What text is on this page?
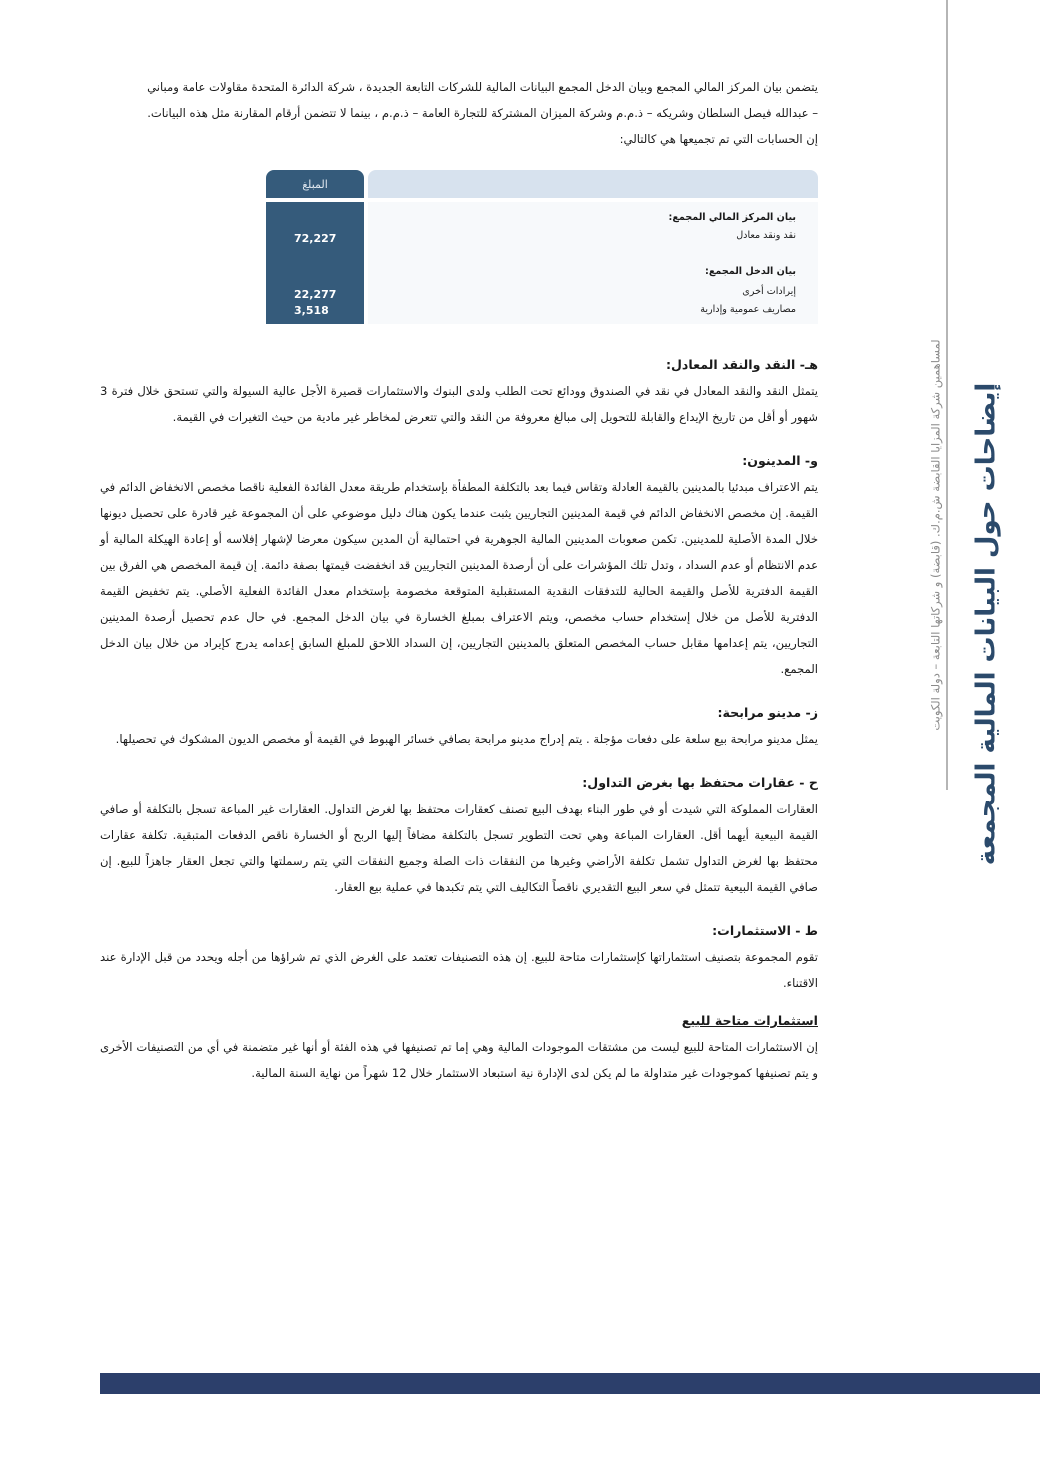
يتضمن بيان المركز المالي المجمع وبيان الدخل المجمع البيانات المالية للشركات التابعة الجديدة ، شركة الدائرة المتحدة مقاولات عامة ومباني

– عبدالله فيصل السلطان وشريكه – ذ.م.م وشركة الميزان المشتركة للتجارة العامة – ذ.م.م ، بينما لا تتضمن أرقام المقارنة مثل هذه البيانات.

إن الحسابات التي تم تجميعها هي كالتالي:

هـ- النقد والنقد المعادل:

يتمثل النقد والنقد المعادل في نقد في الصندوق وودائع تحت الطلب ولدى البنوك والاستثمارات قصيرة الأجل عالية السيولة والتي تستحق خلال فترة 3 شهور أو أقل من تاريخ الإيداع والقابلة للتحويل إلى مبالغ معروفة من النقد والتي تتعرض لمخاطر غير مادية من حيث التغيرات في القيمة.

و- المدينون:

يتم الاعتراف مبدئيا بالمدينين بالقيمة العادلة وتقاس فيما بعد بالتكلفة المطفأة بإستخدام طريقة معدل الفائدة الفعلية ناقصا مخصص الانخفاض الدائم في القيمة. إن مخصص الانخفاض الدائم في قيمة المدينين التجاريين يثبت عندما يكون هناك دليل موضوعي على أن المجموعة غير قادرة على تحصيل ديونها خلال المدة الأصلية للمدينين. تكمن صعوبات المدينين المالية الجوهرية في احتمالية أن المدين سيكون معرضا لإشهار إفلاسه أو إعادة الهيكلة المالية أو عدم الانتظام أو عدم السداد ، وتدل تلك المؤشرات على أن أرصدة المدينين التجاريين قد انخفضت قيمتها بصفة دائمة. إن قيمة المخصص هي الفرق بين القيمة الدفترية للأصل والقيمة الحالية للتدفقات النقدية المستقبلية المتوقعة مخصومة بإستخدام معدل الفائدة الفعلية الأصلي. يتم تخفيض القيمة الدفترية للأصل من خلال إستخدام حساب مخصص، ويتم الاعتراف بمبلغ الخسارة في بيان الدخل المجمع. في حال عدم تحصيل أرصدة المدينين التجاريين، يتم إعدامها مقابل حساب المخصص المتعلق بالمدينين التجاريين، إن السداد اللاحق للمبلغ السابق إعدامه يدرج كإيراد من خلال بيان الدخل المجمع.

ز- مدينو مرابحة:

يمثل مدينو مرابحة بيع سلعة على دفعات مؤجلة . يتم إدراج مدينو مرابحة بصافي خسائر الهبوط في القيمة أو مخصص الديون المشكوك في تحصيلها.

ح - عقارات محتفظ بها بغرض التداول:

العقارات المملوكة التي شيدت أو في طور البناء بهدف البيع تصنف كعقارات محتفظ بها لغرض التداول. العقارات غير المباعة تسجل بالتكلفة أو صافي القيمة البيعية أيهما أقل. العقارات المباعة وهي تحت التطوير تسجل بالتكلفة مضافاً إليها الربح أو الخسارة ناقص الدفعات المتبقية. تكلفة عقارات محتفظ بها لغرض التداول تشمل تكلفة الأراضي وغيرها من النفقات ذات الصلة وجميع النفقات التي يتم رسملتها والتي تجعل العقار جاهزاً للبيع. إن صافي القيمة البيعية تتمثل في سعر البيع التقديري ناقصاً التكاليف التي يتم تكبدها في عملية بيع العقار.

ط - الاستثمارات:

تقوم المجموعة بتصنيف استثماراتها كإستثمارات متاحة للبيع. إن هذه التصنيفات تعتمد على الغرض الذي تم شراؤها من أجله ويحدد من قبل الإدارة عند الاقتناء.

استثمارات متاحة للبيع

إن الاستثمارات المتاحة للبيع ليست من مشتقات الموجودات المالية وهي إما تم تصنيفها في هذه الفئة أو أنها غير متضمنة في أي من التصنيفات الأخرى و يتم تصنيفها كموجودات غير متداولة ما لم يكن لدى الإدارة نية استبعاد الاستثمار خلال 12 شهراً من نهاية السنة المالية.

المبلغ
72,227
22,277
3,518
بيان المركز المالي المجمع:
نقد ونقد معادل
بيان الدخل المجمع:
إيرادات أخرى
مصاريف عمومية وإدارية
لمساهمين شركة المزايا القابضة ش.م.ك. (قابضة) و شركاتها التابعة – دولة الكويت إيضاحات حول البيانات المالية المجمعة
